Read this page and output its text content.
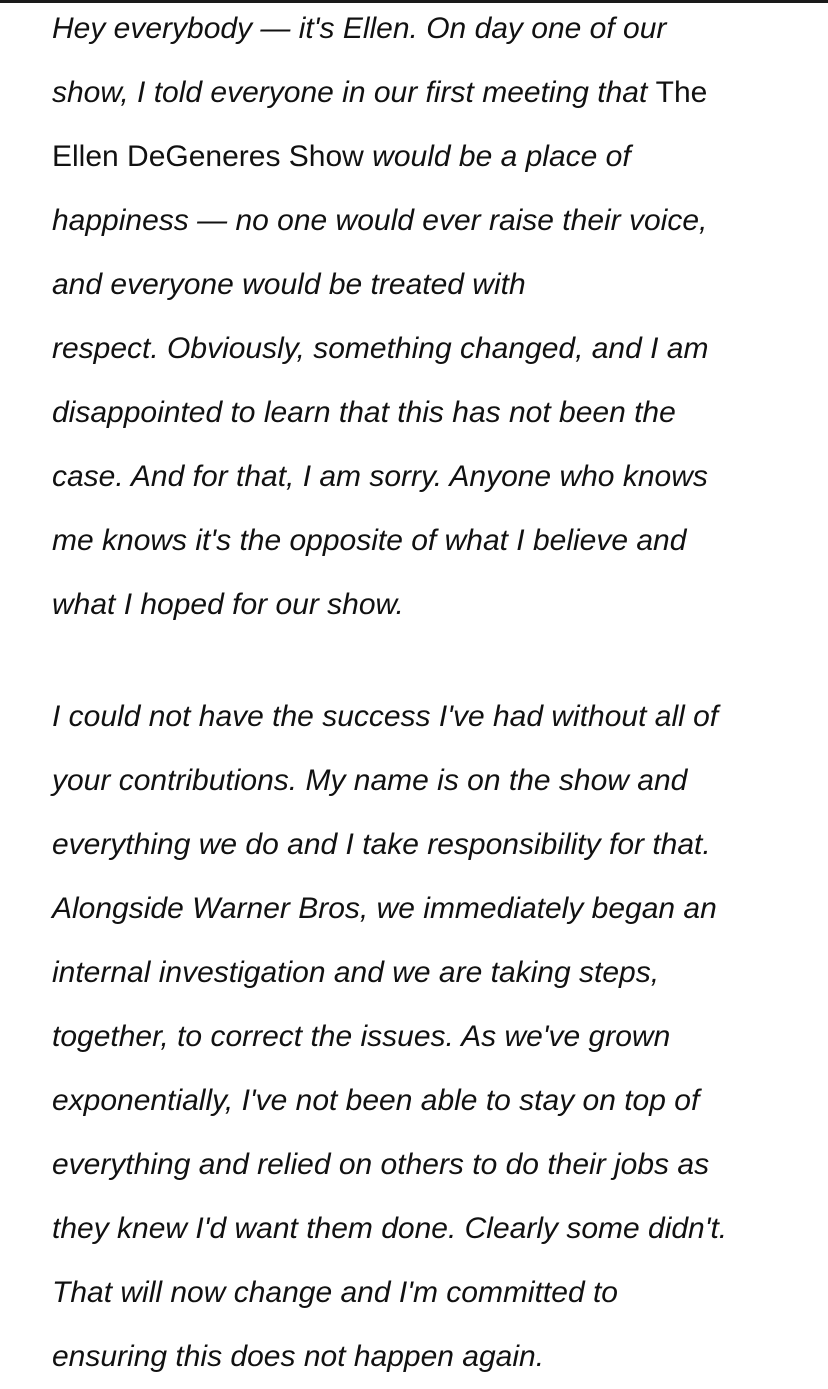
Hey everybody — it's Ellen. On day one of our
show, I told everyone in our first meeting that The
Ellen DeGeneres Show would be a place of
happiness — no one would ever raise their voice,
and everyone would be treated with
respect. Obviously, something changed, and I am
disappointed to learn that this has not been the
case. And for that, I am sorry. Anyone who knows
me knows it's the opposite of what I believe and
what I hoped for our show.
I could not have the success I've had without all of
your contributions. My name is on the show and
everything we do and I take responsibility for that.
Alongside Warner Bros, we immediately began an
internal investigation and we are taking steps,
together, to correct the issues. As we've grown
exponentially, I've not been able to stay on top of
everything and relied on others to do their jobs as
they knew I'd want them done. Clearly some didn't.
That will now change and I'm committed to
ensuring this does not happen again.
